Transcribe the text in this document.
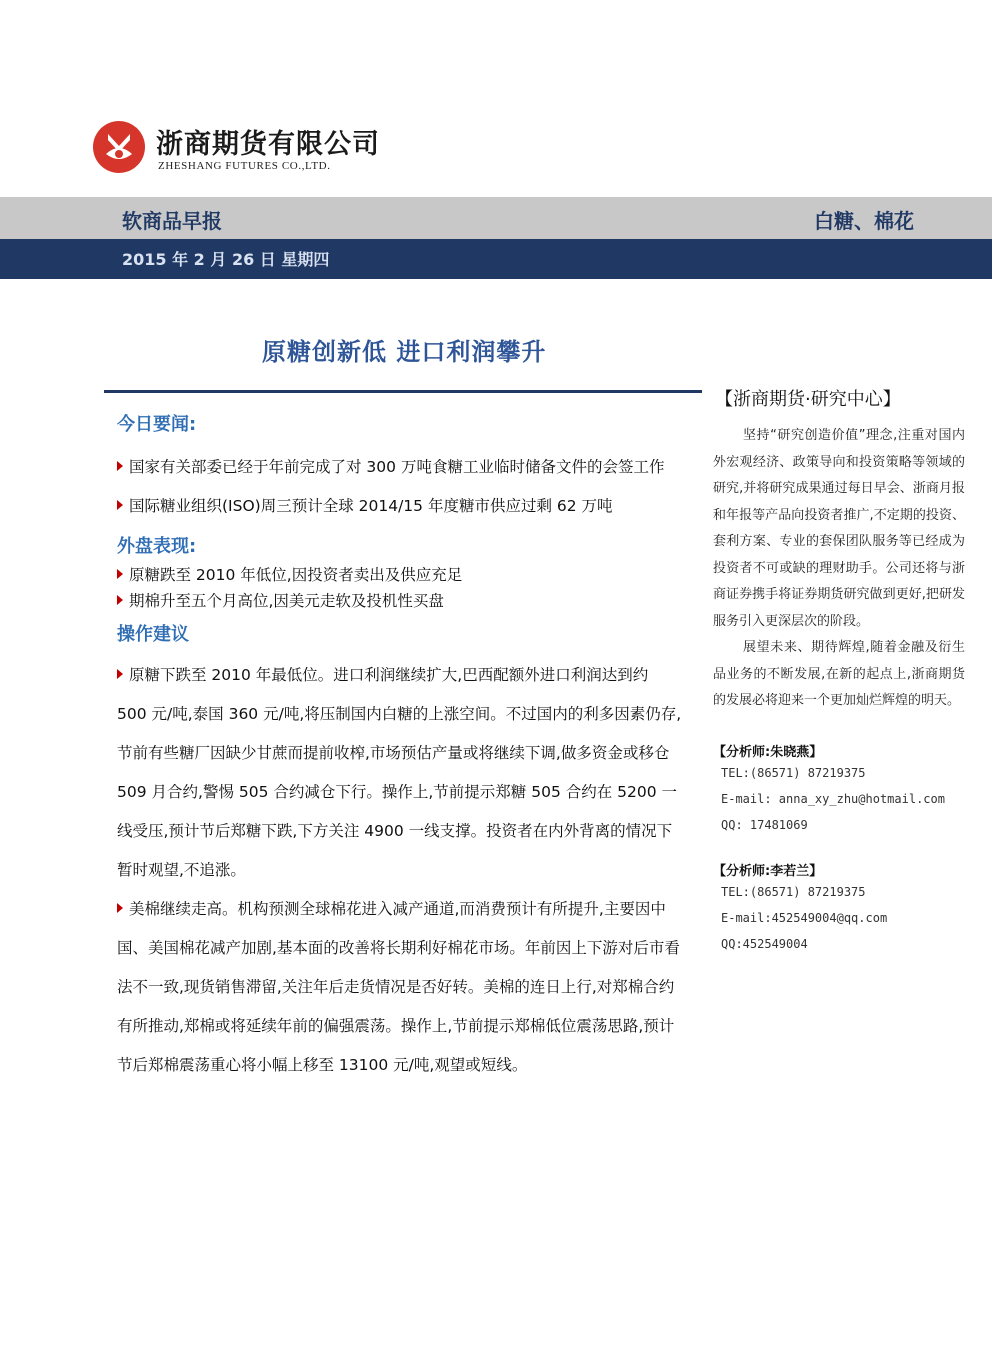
浙商期货有限公司
ZHESHANG FUTURES CO.,LTD.
软商品早报	白糖、棉花
2015 年 2 月 26 日 星期四
原糖创新低 进口利润攀升
今日要闻:
国家有关部委已经于年前完成了对 300 万吨食糖工业临时储备文件的会签工作
国际糖业组织(ISO)周三预计全球 2014/15 年度糖市供应过剩 62 万吨
外盘表现:
原糖跌至 2010 年低位,因投资者卖出及供应充足
期棉升至五个月高位,因美元走软及投机性买盘
操作建议
原糖下跌至 2010 年最低位。进口利润继续扩大,巴西配额外进口利润达到约 500 元/吨,泰国 360 元/吨,将压制国内白糖的上涨空间。不过国内的利多因素仍存,节前有些糖厂因缺少甘蔗而提前收榨,市场预估产量或将继续下调,做多资金或移仓 509 月合约,警惕 505 合约减仓下行。操作上,节前提示郑糖 505 合约在 5200 一线受压,预计节后郑糖下跌,下方关注 4900 一线支撑。投资者在内外背离的情况下暂时观望,不追涨。
美棉继续走高。机构预测全球棉花进入减产通道,而消费预计有所提升,主要因中国、美国棉花减产加剧,基本面的改善将长期利好棉花市场。年前因上下游对后市看法不一致,现货销售滞留,关注年后走货情况是否好转。美棉的连日上行,对郑棉合约有所推动,郑棉或将延续年前的偏强震荡。操作上,节前提示郑棉低位震荡思路,预计节后郑棉震荡重心将小幅上移至 13100 元/吨,观望或短线。
【浙商期货·研究中心】

坚持“研究创造价值”理念,注重对国内外宏观经济、政策导向和投资策略等领域的研究,并将研究成果通过每日早会、浙商月报和年报等产品向投资者推广,不定期的投资、套利方案、专业的套保团队服务等已经成为投资者不可或缺的理财助手。公司还将与浙商证券携手将证券期货研究做到更好,把研发服务引入更深层次的阶段。

展望未来、期待辉煌,随着金融及衍生品业务的不断发展,在新的起点上,浙商期货的发展必将迎来一个更加灿烂辉煌的明天。

【分析师:朱晓燕】
TEL:(86571) 87219375
E-mail: anna_xy_zhu@hotmail.com
QQ: 17481069
【分析师:李若兰】
TEL:(86571) 87219375
E-mail:452549004@qq.com
QQ:452549004
